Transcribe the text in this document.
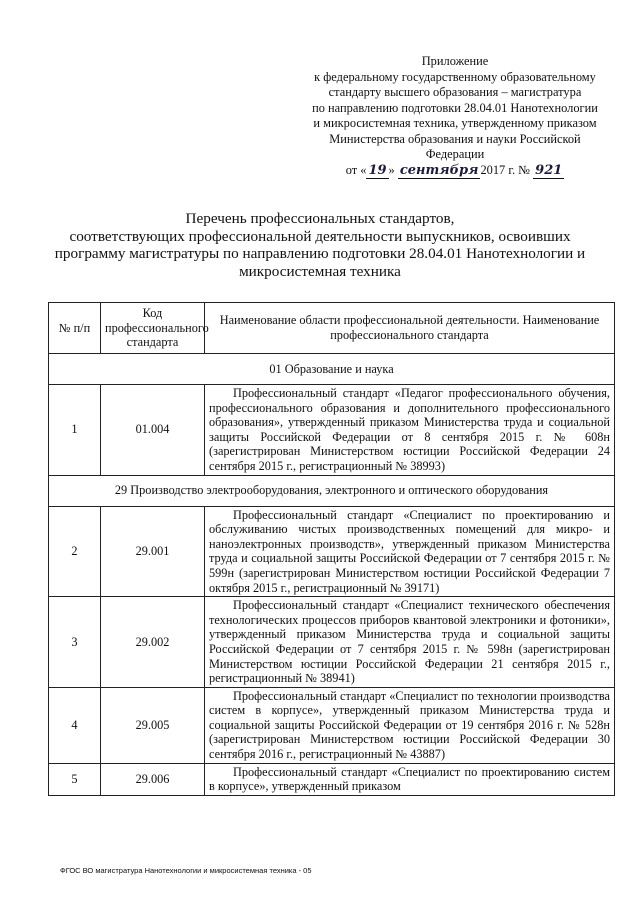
Приложение
к федеральному государственному образовательному
стандарту высшего образования – магистратура
по направлению подготовки 28.04.01 Нанотехнологии
и микросистемная техника, утвержденному приказом
Министерства образования и науки Российской
Федерации
от « 19 » сентября 2017 г. № 921
Перечень профессиональных стандартов,
соответствующих профессиональной деятельности выпускников, освоивших
программу магистратуры по направлению подготовки 28.04.01 Нанотехнологии и
микросистемная техника
№ п/п	Код профессионального стандарта	Наименование области профессиональной деятельности. Наименование профессионального стандарта
01 Образование и наука		
1	01.004	Профессиональный стандарт «Педагог профессионального обучения, профессионального образования и дополнительного профессионального образования», утвержденный приказом Министерства труда и социальной защиты Российской Федерации от 8 сентября 2015 г. № 608н (зарегистрирован Министерством юстиции Российской Федерации 24 сентября 2015 г., регистрационный № 38993)
29 Производство электрооборудования, электронного и оптического оборудования		
2	29.001	Профессиональный стандарт «Специалист по проектированию и обслуживанию чистых производственных помещений для микро- и наноэлектронных производств», утвержденный приказом Министерства труда и социальной защиты Российской Федерации от 7 сентября 2015 г. № 599н (зарегистрирован Министерством юстиции Российской Федерации 7 октября 2015 г., регистрационный № 39171)
3	29.002	Профессиональный стандарт «Специалист технического обеспечения технологических процессов приборов квантовой электроники и фотоники», утвержденный приказом Министерства труда и социальной защиты Российской Федерации от 7 сентября 2015 г. № 598н (зарегистрирован Министерством юстиции Российской Федерации 21 сентября 2015 г., регистрационный № 38941)
4	29.005	Профессиональный стандарт «Специалист по технологии производства систем в корпусе», утвержденный приказом Министерства труда и социальной защиты Российской Федерации от 19 сентября 2016 г. № 528н (зарегистрирован Министерством юстиции Российской Федерации 30 сентября 2016 г., регистрационный № 43887)
5	29.006	Профессиональный стандарт «Специалист по проектированию систем в корпусе», утвержденный приказом
ФГОС ВО магистратура Нанотехнологии и микросистемная техника - 05
